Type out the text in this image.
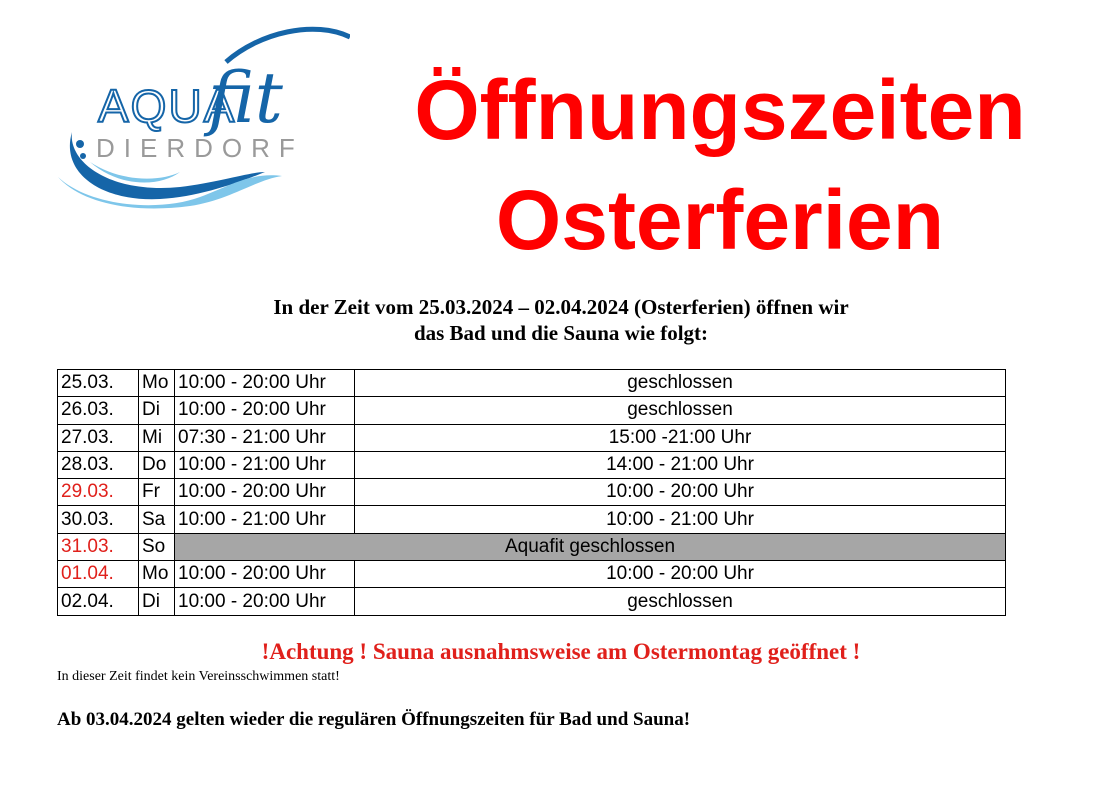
AQUA
fit
DIERDORF	Öffnungszeiten
Osterferien
In der Zeit vom 25.03.2024 – 02.04.2024 (Osterferien) öffnen wir
das Bad und die Sauna wie folgt:
25.03.	Mo	10:00 - 20:00 Uhr	geschlossen
26.03.	Di	10:00 - 20:00 Uhr	geschlossen
27.03.	Mi	07:30 - 21:00 Uhr	15:00 -21:00 Uhr
28.03.	Do	10:00 - 21:00 Uhr	14:00 - 21:00 Uhr
29.03.	Fr	10:00 - 20:00 Uhr	10:00 - 20:00 Uhr
30.03.	Sa	10:00 - 21:00 Uhr	10:00 - 21:00 Uhr
31.03.	So	Aquafit geschlossen	
01.04.	Mo	10:00 - 20:00 Uhr	10:00 - 20:00 Uhr
02.04.	Di	10:00 - 20:00 Uhr	geschlossen
!Achtung ! Sauna ausnahmsweise am Ostermontag geöffnet !
In dieser Zeit findet kein Vereinsschwimmen statt!
Ab 03.04.2024 gelten wieder die regulären Öffnungszeiten für Bad und Sauna!
